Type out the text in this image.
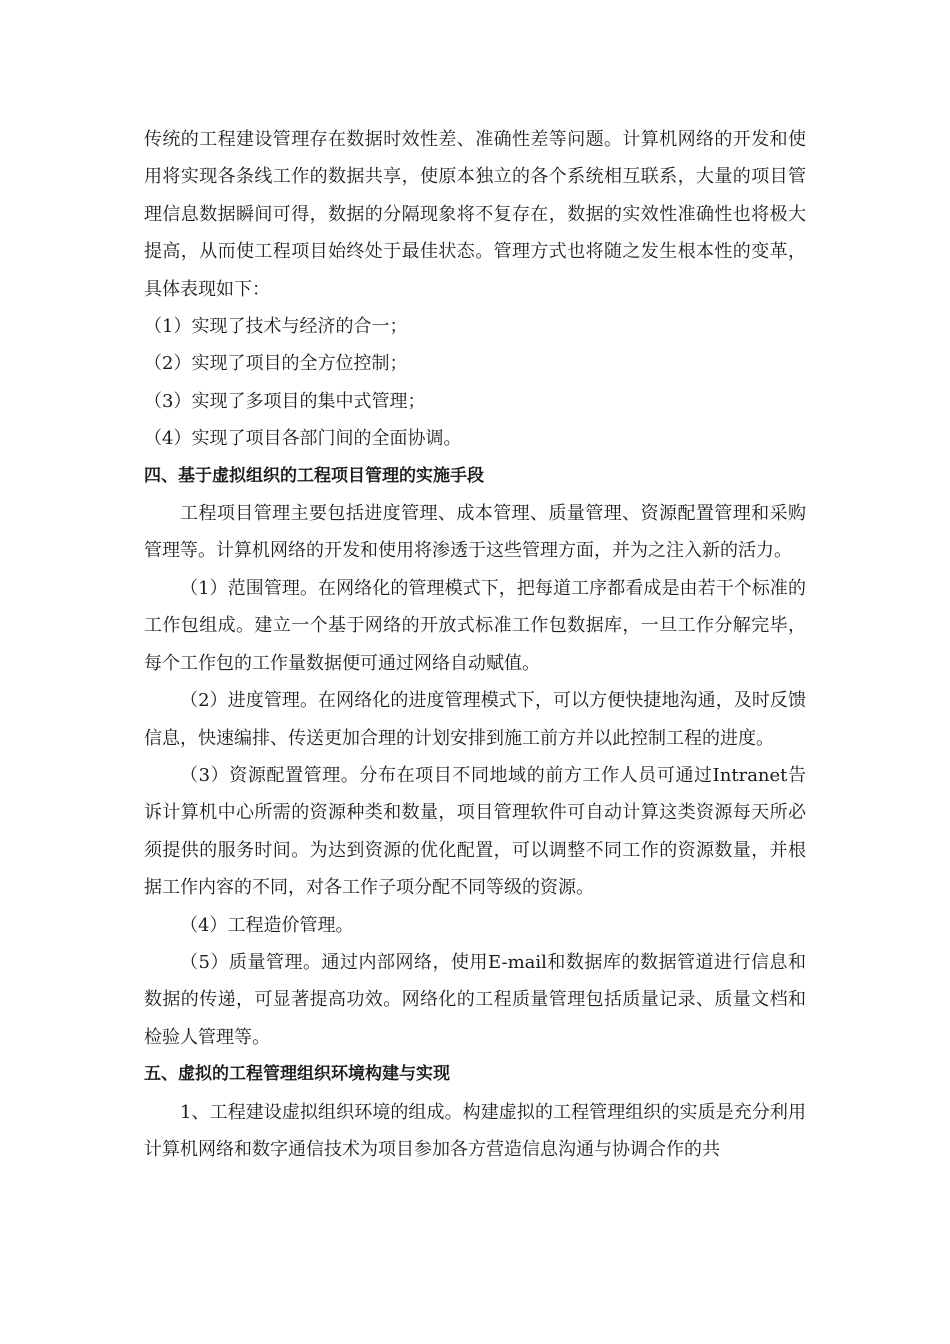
传统的工程建设管理存在数据时效性差、准确性差等问题。计算机网络的开发和使用将实现各条线工作的数据共享，使原本独立的各个系统相互联系，大量的项目管理信息数据瞬间可得，数据的分隔现象将不复存在，数据的实效性准确性也将极大提高，从而使工程项目始终处于最佳状态。管理方式也将随之发生根本性的变革，具体表现如下：

（1）实现了技术与经济的合一；

（2）实现了项目的全方位控制；

（3）实现了多项目的集中式管理；

（4）实现了项目各部门间的全面协调。

四、基于虚拟组织的工程项目管理的实施手段

工程项目管理主要包括进度管理、成本管理、质量管理、资源配置管理和采购管理等。计算机网络的开发和使用将渗透于这些管理方面，并为之注入新的活力。

（1）范围管理。在网络化的管理模式下，把每道工序都看成是由若干个标准的工作包组成。建立一个基于网络的开放式标准工作包数据库，一旦工作分解完毕，每个工作包的工作量数据便可通过网络自动赋值。

（2）进度管理。在网络化的进度管理模式下，可以方便快捷地沟通，及时反馈信息，快速编排、传送更加合理的计划安排到施工前方并以此控制工程的进度。

（3）资源配置管理。分布在项目不同地域的前方工作人员可通过Intranet告诉计算机中心所需的资源种类和数量，项目管理软件可自动计算这类资源每天所必须提供的服务时间。为达到资源的优化配置，可以调整不同工作的资源数量，并根据工作内容的不同，对各工作子项分配不同等级的资源。

（4）工程造价管理。

（5）质量管理。通过内部网络，使用E-mail和数据库的数据管道进行信息和数据的传递，可显著提高功效。网络化的工程质量管理包括质量记录、质量文档和检验人管理等。

五、虚拟的工程管理组织环境构建与实现

1、工程建设虚拟组织环境的组成。构建虚拟的工程管理组织的实质是充分利用计算机网络和数字通信技术为项目参加各方营造信息沟通与协调合作的共
